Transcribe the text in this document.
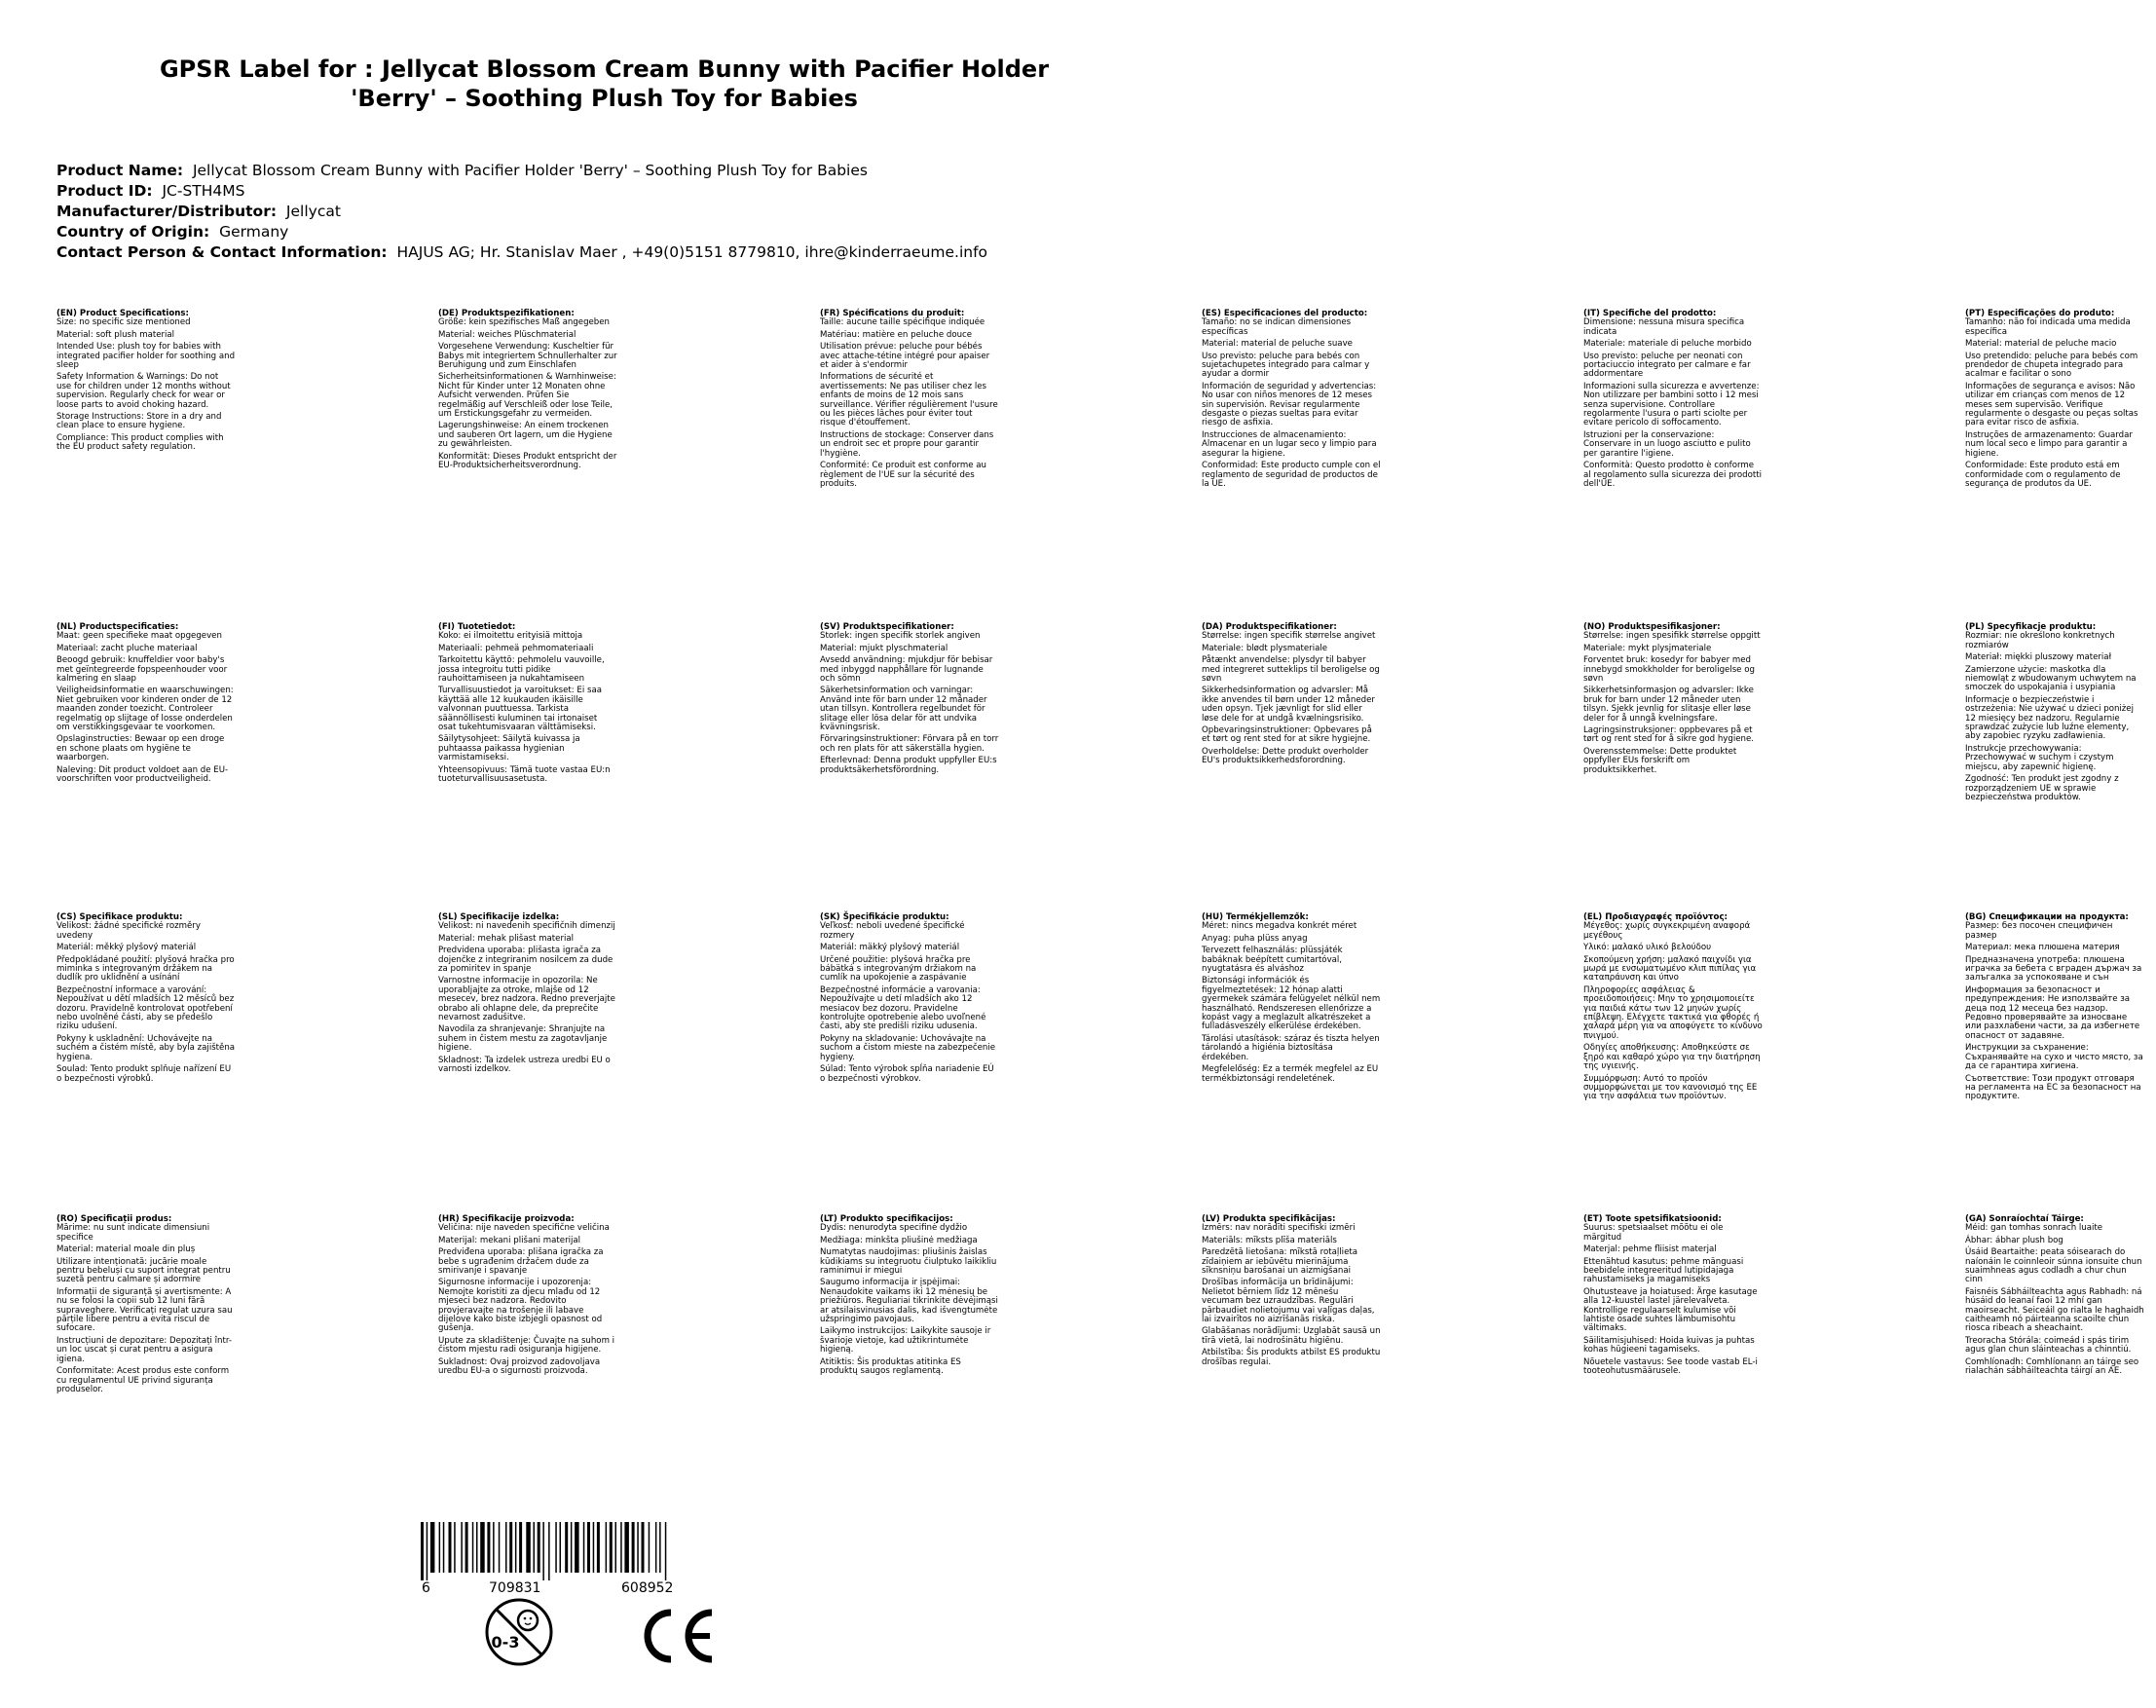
GPSR Label for : Jellycat Blossom Cream Bunny with Pacifier Holder
'Berry' – Soothing Plush Toy for Babies
Product Name: Jellycat Blossom Cream Bunny with Pacifier Holder 'Berry' – Soothing Plush Toy for Babies
Product ID: JC-STH4MS
Manufacturer/Distributor: Jellycat
Country of Origin: Germany
Contact Person & Contact Information: HAJUS AG; Hr. Stanislav Maer , +49(0)5151 8779810, ihre@kinderraeume.info
(EN) Product Specifications:

Size: no specific size mentioned

Material: soft plush material

Intended Use: plush toy for babies with integrated pacifier holder for soothing and sleep

Safety Information & Warnings: Do not use for children under 12 months without supervision. Regularly check for wear or loose parts to avoid choking hazard.

Storage Instructions: Store in a dry and clean place to ensure hygiene.

Compliance: This product complies with the EU product safety regulation.

(DE) Produktspezifikationen:

Größe: kein spezifisches Maß angegeben

Material: weiches Plüschmaterial

Vorgesehene Verwendung: Kuscheltier für Babys mit integriertem Schnullerhalter zur Beruhigung und zum Einschlafen

Sicherheitsinformationen & Warnhinweise: Nicht für Kinder unter 12 Monaten ohne Aufsicht verwenden. Prüfen Sie regelmäßig auf Verschleiß oder lose Teile, um Erstickungsgefahr zu vermeiden.

Lagerungshinweise: An einem trockenen und sauberen Ort lagern, um die Hygiene zu gewährleisten.

Konformität: Dieses Produkt entspricht der EU-Produktsicherheitsverordnung.

(FR) Spécifications du produit:

Taille: aucune taille spécifique indiquée

Matériau: matière en peluche douce

Utilisation prévue: peluche pour bébés avec attache-tétine intégré pour apaiser et aider à s'endormir

Informations de sécurité et avertissements: Ne pas utiliser chez les enfants de moins de 12 mois sans surveillance. Vérifier régulièrement l'usure ou les pièces lâches pour éviter tout risque d'étouffement.

Instructions de stockage: Conserver dans un endroit sec et propre pour garantir l'hygiène.

Conformité: Ce produit est conforme au règlement de l'UE sur la sécurité des produits.

(ES) Especificaciones del producto:

Tamaño: no se indican dimensiones específicas

Material: material de peluche suave

Uso previsto: peluche para bebés con sujetachupetes integrado para calmar y ayudar a dormir

Información de seguridad y advertencias: No usar con niños menores de 12 meses sin supervisión. Revisar regularmente desgaste o piezas sueltas para evitar riesgo de asfixia.

Instrucciones de almacenamiento: Almacenar en un lugar seco y limpio para asegurar la higiene.

Conformidad: Este producto cumple con el reglamento de seguridad de productos de la UE.

(IT) Specifiche del prodotto:

Dimensione: nessuna misura specifica indicata

Materiale: materiale di peluche morbido

Uso previsto: peluche per neonati con portaciuccio integrato per calmare e far addormentare

Informazioni sulla sicurezza e avvertenze: Non utilizzare per bambini sotto i 12 mesi senza supervisione. Controllare regolarmente l'usura o parti sciolte per evitare pericolo di soffocamento.

Istruzioni per la conservazione: Conservare in un luogo asciutto e pulito per garantire l'igiene.

Conformità: Questo prodotto è conforme al regolamento sulla sicurezza dei prodotti dell'UE.

(PT) Especificações do produto:

Tamanho: não foi indicada uma medida específica

Material: material de peluche macio

Uso pretendido: peluche para bebés com prendedor de chupeta integrado para acalmar e facilitar o sono

Informações de segurança e avisos: Não utilizar em crianças com menos de 12 meses sem supervisão. Verifique regularmente o desgaste ou peças soltas para evitar risco de asfixia.

Instruções de armazenamento: Guardar num local seco e limpo para garantir a higiene.

Conformidade: Este produto está em conformidade com o regulamento de segurança de produtos da UE.

(NL) Productspecificaties:

Maat: geen specifieke maat opgegeven

Materiaal: zacht pluche materiaal

Beoogd gebruik: knuffeldier voor baby's met geïntegreerde fopspeenhouder voor kalmering en slaap

Veiligheidsinformatie en waarschuwingen: Niet gebruiken voor kinderen onder de 12 maanden zonder toezicht. Controleer regelmatig op slijtage of losse onderdelen om verstikkingsgevaar te voorkomen.

Opslaginstructies: Bewaar op een droge en schone plaats om hygiëne te waarborgen.

Naleving: Dit product voldoet aan de EU-voorschriften voor productveiligheid.

(FI) Tuotetiedot:

Koko: ei ilmoitettu erityisiä mittoja

Materiaali: pehmeä pehmomateriaali

Tarkoitettu käyttö: pehmolelu vauvoille, jossa integroitu tutti pidike rauhoittamiseen ja nukahtamiseen

Turvallisuustiedot ja varoitukset: Ei saa käyttää alle 12 kuukauden ikäisille valvonnan puuttuessa. Tarkista säännöllisesti kuluminen tai irtonaiset osat tukehtumisvaaran välttämiseksi.

Säilytysohjeet: Säilytä kuivassa ja puhtaassa paikassa hygienian varmistamiseksi.

Yhteensopivuus: Tämä tuote vastaa EU:n tuoteturvallisuusasetusta.

(SV) Produktspecifikationer:

Storlek: ingen specifik storlek angiven

Material: mjukt plyschmaterial

Avsedd användning: mjukdjur för bebisar med inbyggd napphållare för lugnande och sömn

Säkerhetsinformation och varningar: Använd inte för barn under 12 månader utan tillsyn. Kontrollera regelbundet för slitage eller lösa delar för att undvika kvävningsrisk.

Förvaringsinstruktioner: Förvara på en torr och ren plats för att säkerställa hygien.

Efterlevnad: Denna produkt uppfyller EU:s produktsäkerhetsförordning.

(DA) Produktspecifikationer:

Størrelse: ingen specifik størrelse angivet

Materiale: blødt plysmateriale

Påtænkt anvendelse: plysdyr til babyer med integreret sutteklips til beroligelse og søvn

Sikkerhedsinformation og advarsler: Må ikke anvendes til børn under 12 måneder uden opsyn. Tjek jævnligt for slid eller løse dele for at undgå kvælningsrisiko.

Opbevaringsinstruktioner: Opbevares på et tørt og rent sted for at sikre hygiejne.

Overholdelse: Dette produkt overholder EU's produktsikkerhedsforordning.

(NO) Produktspesifikasjoner:

Størrelse: ingen spesifikk størrelse oppgitt

Materiale: mykt plysjmateriale

Forventet bruk: kosedyr for babyer med innebygd smokkholder for beroligelse og søvn

Sikkerhetsinformasjon og advarsler: Ikke bruk for barn under 12 måneder uten tilsyn. Sjekk jevnlig for slitasje eller løse deler for å unngå kvelningsfare.

Lagringsinstruksjoner: oppbevares på et tørt og rent sted for å sikre god hygiene.

Overensstemmelse: Dette produktet oppfyller EUs forskrift om produktsikkerhet.

(PL) Specyfikacje produktu:

Rozmiar: nie określono konkretnych rozmiarów

Materiał: miękki pluszowy materiał

Zamierzone użycie: maskotka dla niemowląt z wbudowanym uchwytem na smoczek do uspokajania i usypiania

Informacje o bezpieczeństwie i ostrzeżenia: Nie używać u dzieci poniżej 12 miesięcy bez nadzoru. Regularnie sprawdzać zużycie lub luźne elementy, aby zapobiec ryzyku zadławienia.

Instrukcje przechowywania: Przechowywać w suchym i czystym miejscu, aby zapewnić higienę.

Zgodność: Ten produkt jest zgodny z rozporządzeniem UE w sprawie bezpieczeństwa produktów.

(CS) Specifikace produktu:

Velikost: žádné specifické rozměry uvedeny

Materiál: měkký plyšový materiál

Předpokládané použití: plyšová hračka pro miminka s integrovaným držákem na dudlík pro uklidnění a usínání

Bezpečnostní informace a varování: Nepoužívat u dětí mladších 12 měsíců bez dozoru. Pravidelně kontrolovat opotřebení nebo uvolněné části, aby se předešlo riziku udušení.

Pokyny k uskladnění: Uchovávejte na suchém a čistém místě, aby byla zajištěna hygiena.

Soulad: Tento produkt splňuje nařízení EU o bezpečnosti výrobků.

(SL) Specifikacije izdelka:

Velikost: ni navedenih specifičnih dimenzij

Material: mehak plišast material

Predvidena uporaba: plišasta igrača za dojenčke z integriranim nosilcem za dude za pomiritev in spanje

Varnostne informacije in opozorila: Ne uporabljajte za otroke, mlajše od 12 mesecev, brez nadzora. Redno preverjajte obrabo ali ohlapne dele, da preprečite nevarnost zadušitve.

Navodila za shranjevanje: Shranjujte na suhem in čistem mestu za zagotavljanje higiene.

Skladnost: Ta izdelek ustreza uredbi EU o varnosti izdelkov.

(SK) Špecifikácie produktu:

Veľkosť: neboli uvedené špecifické rozmery

Materiál: mäkký plyšový materiál

Určené použitie: plyšová hračka pre bábätká s integrovaným držiakom na cumlík na upokojenie a zaspávanie

Bezpečnostné informácie a varovania: Nepoužívajte u detí mladších ako 12 mesiacov bez dozoru. Pravidelne kontrolujte opotrebenie alebo uvoľnené časti, aby ste predišli riziku udusenia.

Pokyny na skladovanie: Uchovávajte na suchom a čistom mieste na zabezpečenie hygieny.

Súlad: Tento výrobok spĺňa nariadenie EÚ o bezpečnosti výrobkov.

(HU) Termékjellemzők:

Méret: nincs megadva konkrét méret

Anyag: puha plüss anyag

Tervezett felhasználás: plüssjáték babáknak beépített cumitartóval, nyugtatásra és alváshoz

Biztonsági információk és figyelmeztetések: 12 hónap alatti gyermekek számára felügyelet nélkül nem használható. Rendszeresen ellenőrizze a kopást vagy a meglazult alkatrészeket a fulladásveszély elkerülése érdekében.

Tárolási utasítások: száraz és tiszta helyen tárolandó a higiénia biztosítása érdekében.

Megfelelőség: Ez a termék megfelel az EU termékbiztonsági rendeletének.

(EL) Προδιαγραφές προϊόντος:

Μέγεθος: χωρίς συγκεκριμένη αναφορά μεγέθους

Υλικό: μαλακό υλικό βελούδου

Σκοπούμενη χρήση: μαλακό παιχνίδι για μωρά με ενσωματωμένο κλιπ πιπίλας για καταπράυνση και ύπνο

Πληροφορίες ασφάλειας & προειδοποιήσεις: Μην το χρησιμοποιείτε για παιδιά κάτω των 12 μηνών χωρίς επίβλεψη. Ελέγχετε τακτικά για φθορές ή χαλαρά μέρη για να αποφύγετε το κίνδυνο πνιγμού.

Οδηγίες αποθήκευσης: Αποθηκεύστε σε ξηρό και καθαρό χώρο για την διατήρηση της υγιεινής.

Συμμόρφωση: Αυτό το προϊόν συμμορφώνεται με τον κανονισμό της ΕΕ για την ασφάλεια των προϊόντων.

(BG) Спецификации на продукта:

Размер: без посочен специфичен размер

Материал: мека плюшена материя

Предназначена употреба: плюшена играчка за бебета с вграден държач за залъгалка за успокояване и сън

Информация за безопасност и предупреждения: Не използвайте за деца под 12 месеца без надзор. Редовно проверявайте за износване или разхлабени части, за да избегнете опасност от задавяне.

Инструкции за съхранение: Съхранявайте на сухо и чисто място, за да се гарантира хигиена.

Съответствие: Този продукт отговаря на регламента на ЕС за безопасност на продуктите.

(RO) Specificații produs:

Mărime: nu sunt indicate dimensiuni specifice

Material: material moale din pluș

Utilizare intenționată: jucărie moale pentru bebeluși cu suport integrat pentru suzetă pentru calmare și adormire

Informații de siguranță și avertismente: A nu se folosi la copii sub 12 luni fără supraveghere. Verificați regulat uzura sau părțile libere pentru a evita riscul de sufocare.

Instrucțiuni de depozitare: Depozitați într-un loc uscat și curat pentru a asigura igiena.

Conformitate: Acest produs este conform cu regulamentul UE privind siguranța produselor.

(HR) Specifikacije proizvoda:

Veličina: nije naveden specifične veličina

Materijal: mekani plišani materijal

Predviđena uporaba: plišana igračka za bebe s ugrađenim držačem dude za smirivanje i spavanje

Sigurnosne informacije i upozorenja: Nemojte koristiti za djecu mlađu od 12 mjeseci bez nadzora. Redovito provjeravajte na trošenje ili labave dijelove kako biste izbjegli opasnost od gušenja.

Upute za skladištenje: Čuvajte na suhom i čistom mjestu radi osiguranja higijene.

Sukladnost: Ovaj proizvod zadovoljava uredbu EU-a o sigurnosti proizvoda.

(LT) Produkto specifikacijos:

Dydis: nenurodyta specifinė dydžio

Medžiaga: minkšta pliušinė medžiaga

Numatytas naudojimas: pliušinis žaislas kūdikiams su integruotu čiulptuko laikikliu raminimui ir miegui

Saugumo informacija ir įspėjimai: Nenaudokite vaikams iki 12 mėnesių be priežiūros. Reguliariai tikrinkite dėvėjimąsi ar atsilaisvinusias dalis, kad išvengtumėte užspringimo pavojaus.

Laikymo instrukcijos: Laikykite sausoje ir švarioje vietoje, kad užtikrintumėte higieną.

Atitiktis: Šis produktas atitinka ES produktų saugos reglamentą.

(LV) Produkta specifikācijas:

Izmērs: nav norādīti specifiski izmēri

Materiāls: mīksts plīša materiāls

Paredzētā lietošana: mīkstā rotaļlieta zīdaiņiem ar iebūvētu mierinājuma sīknsniņu barošanai un aizmigšanai

Drošības informācija un brīdinājumi: Nelietot bērniem līdz 12 mēnešu vecumam bez uzraudzības. Regulāri pārbaudiet nolietojumu vai vaļīgas daļas, lai izvairītos no aizrīšanās riska.

Glabāšanas norādījumi: Uzglabāt sausā un tīrā vietā, lai nodrošinātu higiēnu.

Atbilstība: Šis produkts atbilst ES produktu drošības regulai.

(ET) Toote spetsifikatsioonid:

Suurus: spetsiaalset mõõtu ei ole märgitud

Materjal: pehme fliisist materjal

Ettenähtud kasutus: pehme mänguasi beebidele integreeritud lutipidajaga rahustamiseks ja magamiseks

Ohutusteave ja hoiatused: Ärge kasutage alla 12-kuustel lastel järelevalveta. Kontrollige regulaarselt kulumise või lahtiste osade suhtes lämbumisohtu vältimaks.

Säilitamisjuhised: Hoida kuivas ja puhtas kohas hügieeni tagamiseks.

Nõuetele vastavus: See toode vastab EL-i tooteohutusmäärusele.

(GA) Sonraíochtaí Táirge:

Méid: gan tomhas sonrach luaite

Ábhar: ábhar plush bog

Úsáid Beartaithe: peata sóisearach do naíonáin le coinnleoir súnna ionsuite chun suaimhneas agus codladh a chur chun cinn

Faisnéis Sábháilteachta agus Rabhadh: ná húsáid do leanaí faoi 12 mhí gan maoirseacht. Seiceáil go rialta le haghaidh caitheamh nó páirteanna scaoilte chun riosca ribeach a sheachaint.

Treoracha Stórála: coimeád i spás tirim agus glan chun sláinteachas a chinntiú.

Comhlíonadh: Comhlíonann an táirge seo rialachán sábháilteachta táirgí an AE.

6	709831	608952
0-3
